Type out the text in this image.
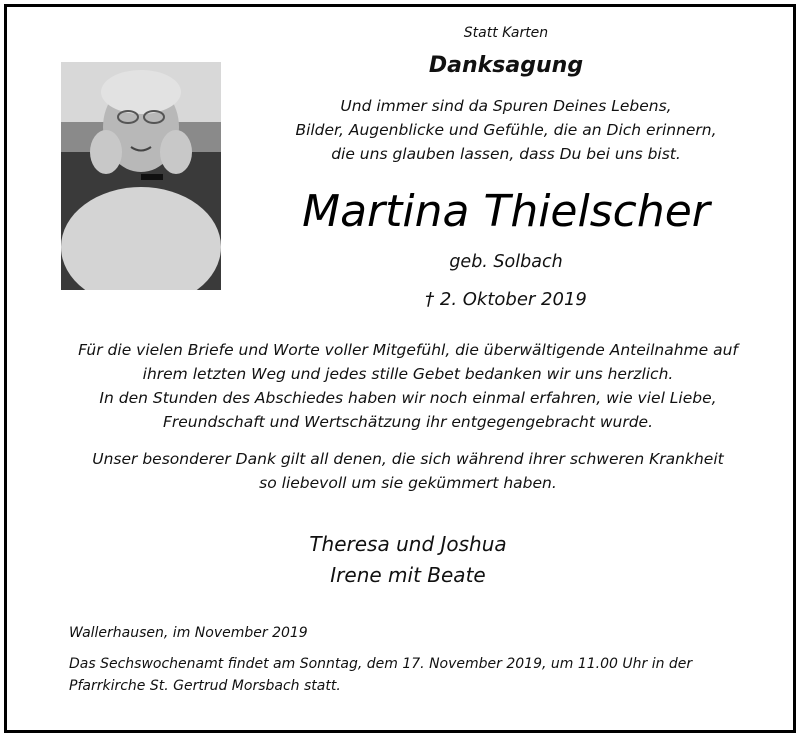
Statt Karten
Danksagung
Und immer sind da Spuren Deines Lebens,
Bilder, Augenblicke und Gefühle, die an Dich erinnern,
die uns glauben lassen, dass Du bei uns bist.
Martina Thielscher
geb. Solbach
† 2. Oktober 2019
Für die vielen Briefe und Worte voller Mitgefühl, die überwältigende Anteilnahme auf
ihrem letzten Weg und jedes stille Gebet bedanken wir uns herzlich.
In den Stunden des Abschiedes haben wir noch einmal erfahren, wie viel Liebe,
Freundschaft und Wertschätzung ihr entgegengebracht wurde.
Unser besonderer Dank gilt all denen, die sich während ihrer schweren Krankheit
so liebevoll um sie gekümmert haben.
Theresa und Joshua
Irene mit Beate
Wallerhausen, im November 2019
Das Sechswochenamt findet am Sonntag, dem 17. November 2019, um 11.00 Uhr in der
Pfarrkirche St. Gertrud Morsbach statt.
